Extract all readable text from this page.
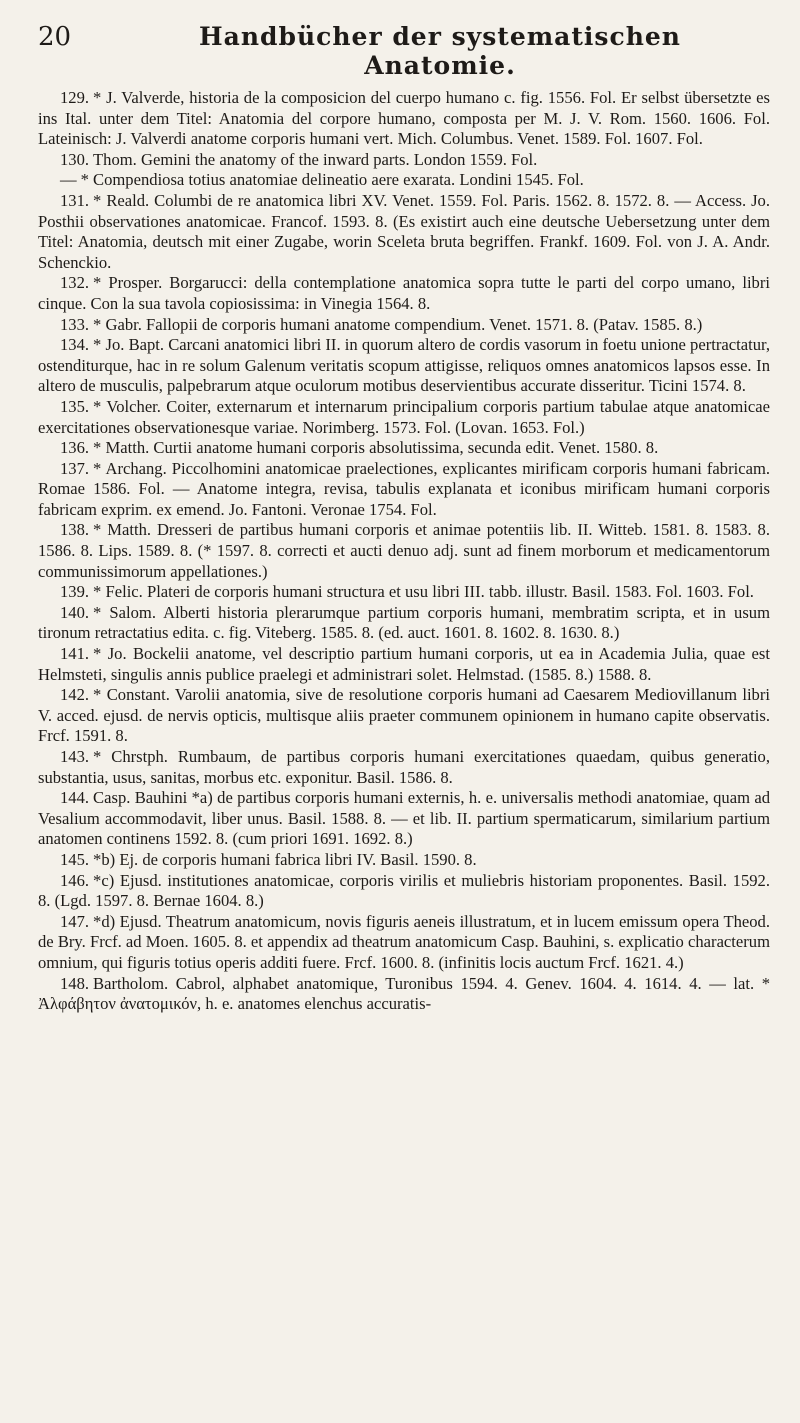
20	Handbücher der systematischen Anatomie.

129. * J. Valverde, historia de la composicion del cuerpo humano c. fig. 1556. Fol. Er selbst übersetzte es ins Ital. unter dem Titel: Anatomia del corpore humano, composta per M. J. V. Rom. 1560. 1606. Fol. Lateinisch: J. Valverdi anatome corporis humani vert. Mich. Columbus. Venet. 1589. Fol. 1607. Fol.

130. Thom. Gemini the anatomy of the inward parts. London 1559. Fol.

— * Compendiosa totius anatomiae delineatio aere exarata. Londini 1545. Fol.

131. * Reald. Columbi de re anatomica libri XV. Venet. 1559. Fol. Paris. 1562. 8. 1572. 8. — Access. Jo. Posthii observationes anatomicae. Francof. 1593. 8. (Es existirt auch eine deutsche Uebersetzung unter dem Titel: Anatomia, deutsch mit einer Zugabe, worin Sceleta bruta begriffen. Frankf. 1609. Fol. von J. A. Andr. Schenckio.

132. * Prosper. Borgarucci: della contemplatione anatomica sopra tutte le parti del corpo umano, libri cinque. Con la sua tavola copiosissima: in Vinegia 1564. 8.

133. * Gabr. Fallopii de corporis humani anatome compendium. Venet. 1571. 8. (Patav. 1585. 8.)

134. * Jo. Bapt. Carcani anatomici libri II. in quorum altero de cordis vasorum in foetu unione pertractatur, ostenditurque, hac in re solum Galenum veritatis scopum attigisse, reliquos omnes anatomicos lapsos esse. In altero de musculis, palpebrarum atque oculorum motibus deservientibus accurate disseritur. Ticini 1574. 8.

135. * Volcher. Coiter, externarum et internarum principalium corporis partium tabulae atque anatomicae exercitationes observationesque variae. Norimberg. 1573. Fol. (Lovan. 1653. Fol.)

136. * Matth. Curtii anatome humani corporis absolutissima, secunda edit. Venet. 1580. 8.

137. * Archang. Piccolhomini anatomicae praelectiones, explicantes mirificam corporis humani fabricam. Romae 1586. Fol. — Anatome integra, revisa, tabulis explanata et iconibus mirificam humani corporis fabricam exprim. ex emend. Jo. Fantoni. Veronae 1754. Fol.

138. * Matth. Dresseri de partibus humani corporis et animae potentiis lib. II. Witteb. 1581. 8. 1583. 8. 1586. 8. Lips. 1589. 8. (* 1597. 8. correcti et aucti denuo adj. sunt ad finem morborum et medicamentorum communissimorum appellationes.)

139. * Felic. Plateri de corporis humani structura et usu libri III. tabb. illustr. Basil. 1583. Fol. 1603. Fol.

140. * Salom. Alberti historia plerarumque partium corporis humani, membratim scripta, et in usum tironum retractatius edita. c. fig. Viteberg. 1585. 8. (ed. auct. 1601. 8. 1602. 8. 1630. 8.)

141. * Jo. Bockelii anatome, vel descriptio partium humani corporis, ut ea in Academia Julia, quae est Helmsteti, singulis annis publice praelegi et administrari solet. Helmstad. (1585. 8.) 1588. 8.

142. * Constant. Varolii anatomia, sive de resolutione corporis humani ad Caesarem Mediovillanum libri V. acced. ejusd. de nervis opticis, multisque aliis praeter communem opinionem in humano capite observatis. Frcf. 1591. 8.

143. * Chrstph. Rumbaum, de partibus corporis humani exercitationes quaedam, quibus generatio, substantia, usus, sanitas, morbus etc. exponitur. Basil. 1586. 8.

144. Casp. Bauhini *a) de partibus corporis humani externis, h. e. universalis methodi anatomiae, quam ad Vesalium accommodavit, liber unus. Basil. 1588. 8. — et lib. II. partium spermaticarum, similarium partium anatomen continens 1592. 8. (cum priori 1691. 1692. 8.)

145. *b) Ej. de corporis humani fabrica libri IV. Basil. 1590. 8.

146. *c) Ejusd. institutiones anatomicae, corporis virilis et muliebris historiam proponentes. Basil. 1592. 8. (Lgd. 1597. 8. Bernae 1604. 8.)

147. *d) Ejusd. Theatrum anatomicum, novis figuris aeneis illustratum, et in lucem emissum opera Theod. de Bry. Frcf. ad Moen. 1605. 8. et appendix ad theatrum anatomicum Casp. Bauhini, s. explicatio characterum omnium, qui figuris totius operis additi fuere. Frcf. 1600. 8. (infinitis locis auctum Frcf. 1621. 4.)

148. Bartholom. Cabrol, alphabet anatomique, Turonibus 1594. 4. Genev. 1604. 4. 1614. 4. — lat. * Ἀλφάβητον ἀνατομικόν, h. e. anatomes elenchus accuratis-
